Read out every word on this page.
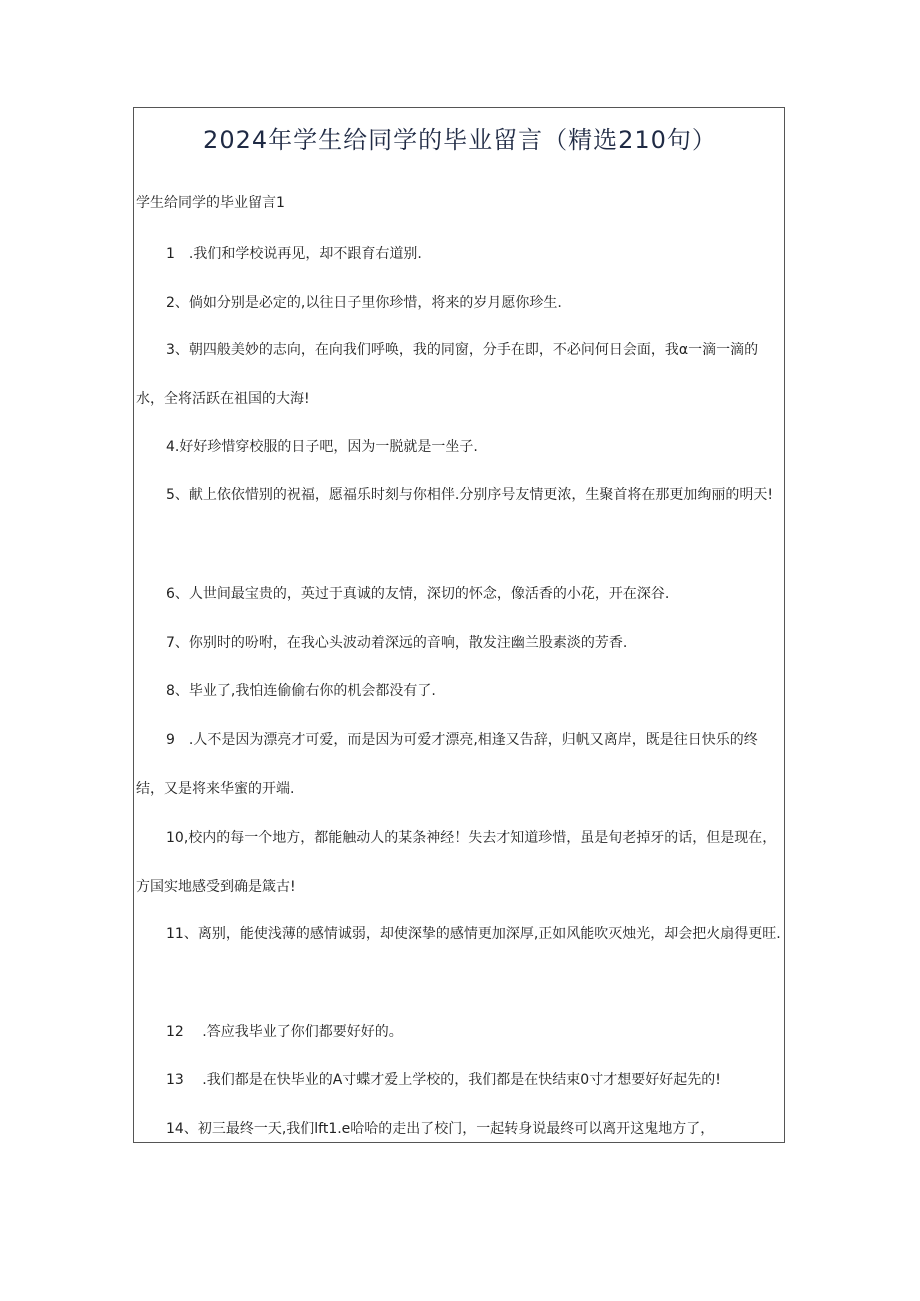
2024年学生给同学的毕业留言（精选210句）
学生给同学的毕业留言1

1　.我们和学校说再见，却不跟育右道别.

2、倘如分别是必定的,以往日子里你珍惜，将来的岁月愿你珍生.

3、朝四般美妙的志向，在向我们呼唤，我的同窗，分手在即，不必问何日会面，我α一滴一滴的水，全将活跃在祖国的大海!

4.好好珍惜穿校服的日子吧，因为一脱就是一坐子.

5、献上依依惜别的祝福，愿福乐时刻与你相伴.分别序号友情更浓，生聚首将在那更加绚丽的明天!

6、人世间最宝贵的，英过于真诚的友情，深切的怀念，像活香的小花，开在深谷.

7、你别时的吩咐，在我心头波动着深远的音响，散发注幽兰股素淡的芳香.

8、毕业了,我怕连偷偷右你的机会都没有了.

9　.人不是因为漂亮才可爱，而是因为可爱才漂亮,相逢又告辞，归帆又离岸，既是往日快乐的终结，又是将来华蜜的开端.

10,校内的每一个地方，都能触动人的某条神经！失去才知道珍惜，虽是旬老掉牙的话，但是现在，方国实地感受到确是箴古!

11、离别，能使浅薄的感情诚弱，却使深挚的感情更加深厚,正如风能吹灭烛光，却会把火扇得更旺.

12　 .答应我毕业了你们都要好好的。

13　 .我们都是在快毕业的A寸蝶才爱上学校的，我们都是在快结束0寸才想要好好起先的!

14、初三最终一天,我们lft1.e哈哈的走出了校门，一起转身说最终可以离开这鬼地方了，
